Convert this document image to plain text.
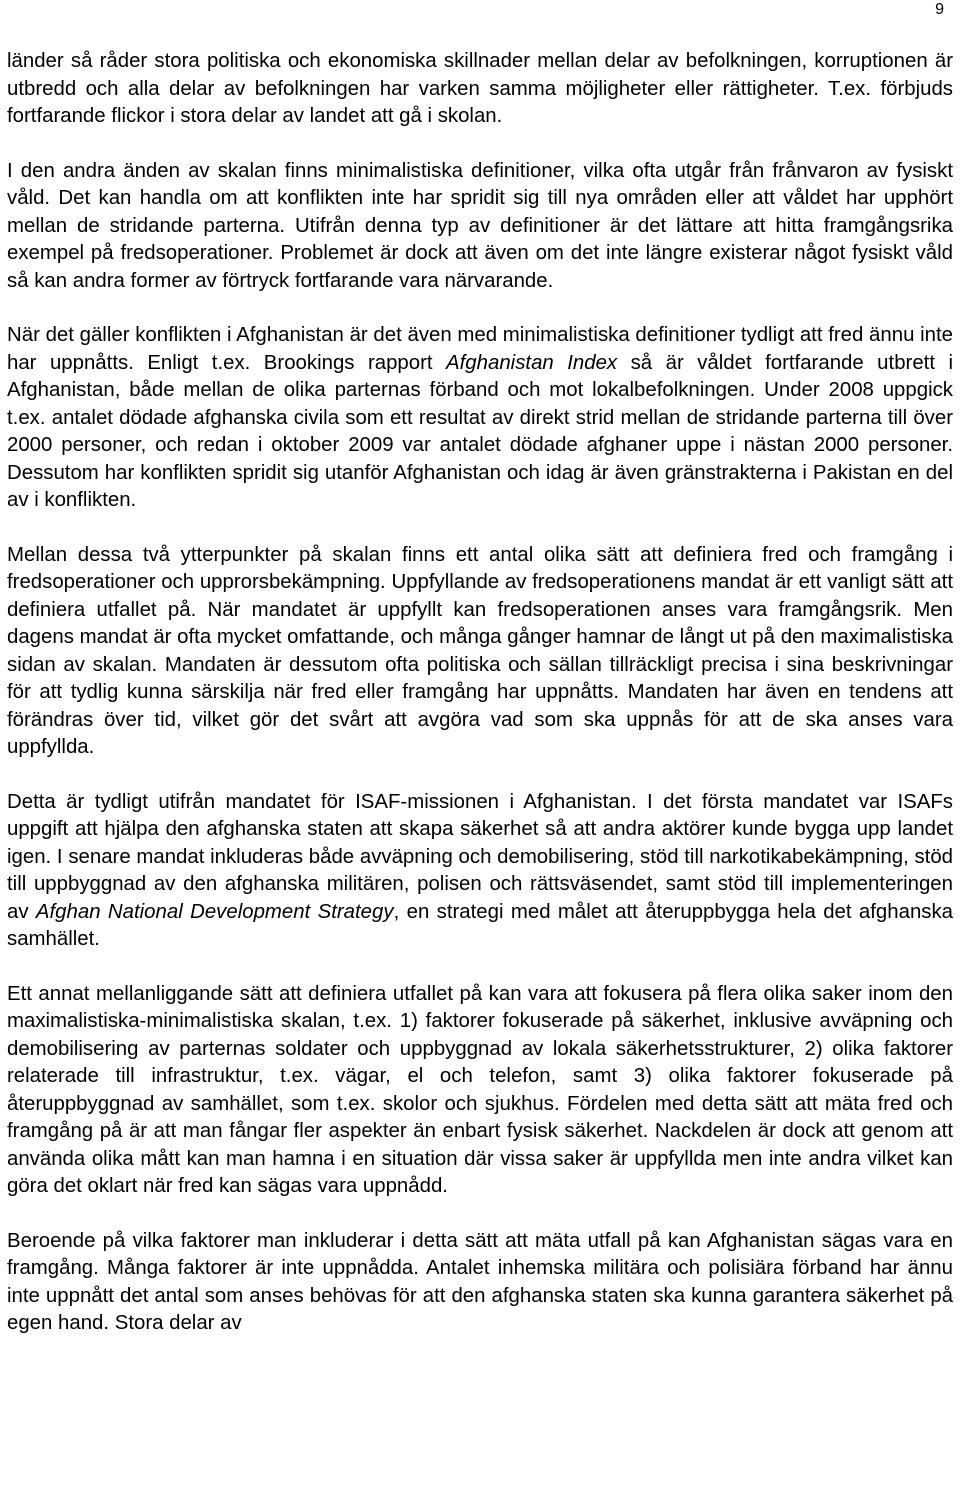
9

länder så råder stora politiska och ekonomiska skillnader mellan delar av befolkningen, korruptionen är utbredd och alla delar av befolkningen har varken samma möjligheter eller rättigheter. T.ex. förbjuds fortfarande flickor i stora delar av landet att gå i skolan.

I den andra änden av skalan finns minimalistiska definitioner, vilka ofta utgår från frånvaron av fysiskt våld. Det kan handla om att konflikten inte har spridit sig till nya områden eller att våldet har upphört mellan de stridande parterna. Utifrån denna typ av definitioner är det lättare att hitta framgångsrika exempel på fredsoperationer. Problemet är dock att även om det inte längre existerar något fysiskt våld så kan andra former av förtryck fortfarande vara närvarande.

När det gäller konflikten i Afghanistan är det även med minimalistiska definitioner tydligt att fred ännu inte har uppnåtts. Enligt t.ex. Brookings rapport Afghanistan Index så är våldet fortfarande utbrett i Afghanistan, både mellan de olika parternas förband och mot lokalbefolkningen. Under 2008 uppgick t.ex. antalet dödade afghanska civila som ett resultat av direkt strid mellan de stridande parterna till över 2000 personer, och redan i oktober 2009 var antalet dödade afghaner uppe i nästan 2000 personer. Dessutom har konflikten spridit sig utanför Afghanistan och idag är även gränstrakterna i Pakistan en del av i konflikten.

Mellan dessa två ytterpunkter på skalan finns ett antal olika sätt att definiera fred och framgång i fredsoperationer och upprorsbekämpning. Uppfyllande av fredsoperationens mandat är ett vanligt sätt att definiera utfallet på. När mandatet är uppfyllt kan fredsoperationen anses vara framgångsrik. Men dagens mandat är ofta mycket omfattande, och många gånger hamnar de långt ut på den maximalistiska sidan av skalan. Mandaten är dessutom ofta politiska och sällan tillräckligt precisa i sina beskrivningar för att tydlig kunna särskilja när fred eller framgång har uppnåtts. Mandaten har även en tendens att förändras över tid, vilket gör det svårt att avgöra vad som ska uppnås för att de ska anses vara uppfyllda.

Detta är tydligt utifrån mandatet för ISAF-missionen i Afghanistan. I det första mandatet var ISAFs uppgift att hjälpa den afghanska staten att skapa säkerhet så att andra aktörer kunde bygga upp landet igen. I senare mandat inkluderas både avväpning och demobilisering, stöd till narkotikabekämpning, stöd till uppbyggnad av den afghanska militären, polisen och rättsväsendet, samt stöd till implementeringen av Afghan National Development Strategy, en strategi med målet att återuppbygga hela det afghanska samhället.

Ett annat mellanliggande sätt att definiera utfallet på kan vara att fokusera på flera olika saker inom den maximalistiska-minimalistiska skalan, t.ex. 1) faktorer fokuserade på säkerhet, inklusive avväpning och demobilisering av parternas soldater och uppbyggnad av lokala säkerhetsstrukturer, 2) olika faktorer relaterade till infrastruktur, t.ex. vägar, el och telefon, samt 3) olika faktorer fokuserade på återuppbyggnad av samhället, som t.ex. skolor och sjukhus. Fördelen med detta sätt att mäta fred och framgång på är att man fångar fler aspekter än enbart fysisk säkerhet. Nackdelen är dock att genom att använda olika mått kan man hamna i en situation där vissa saker är uppfyllda men inte andra vilket kan göra det oklart när fred kan sägas vara uppnådd.

Beroende på vilka faktorer man inkluderar i detta sätt att mäta utfall på kan Afghanistan sägas vara en framgång. Många faktorer är inte uppnådda. Antalet inhemska militära och polisiära förband har ännu inte uppnått det antal som anses behövas för att den afghanska staten ska kunna garantera säkerhet på egen hand. Stora delar av
